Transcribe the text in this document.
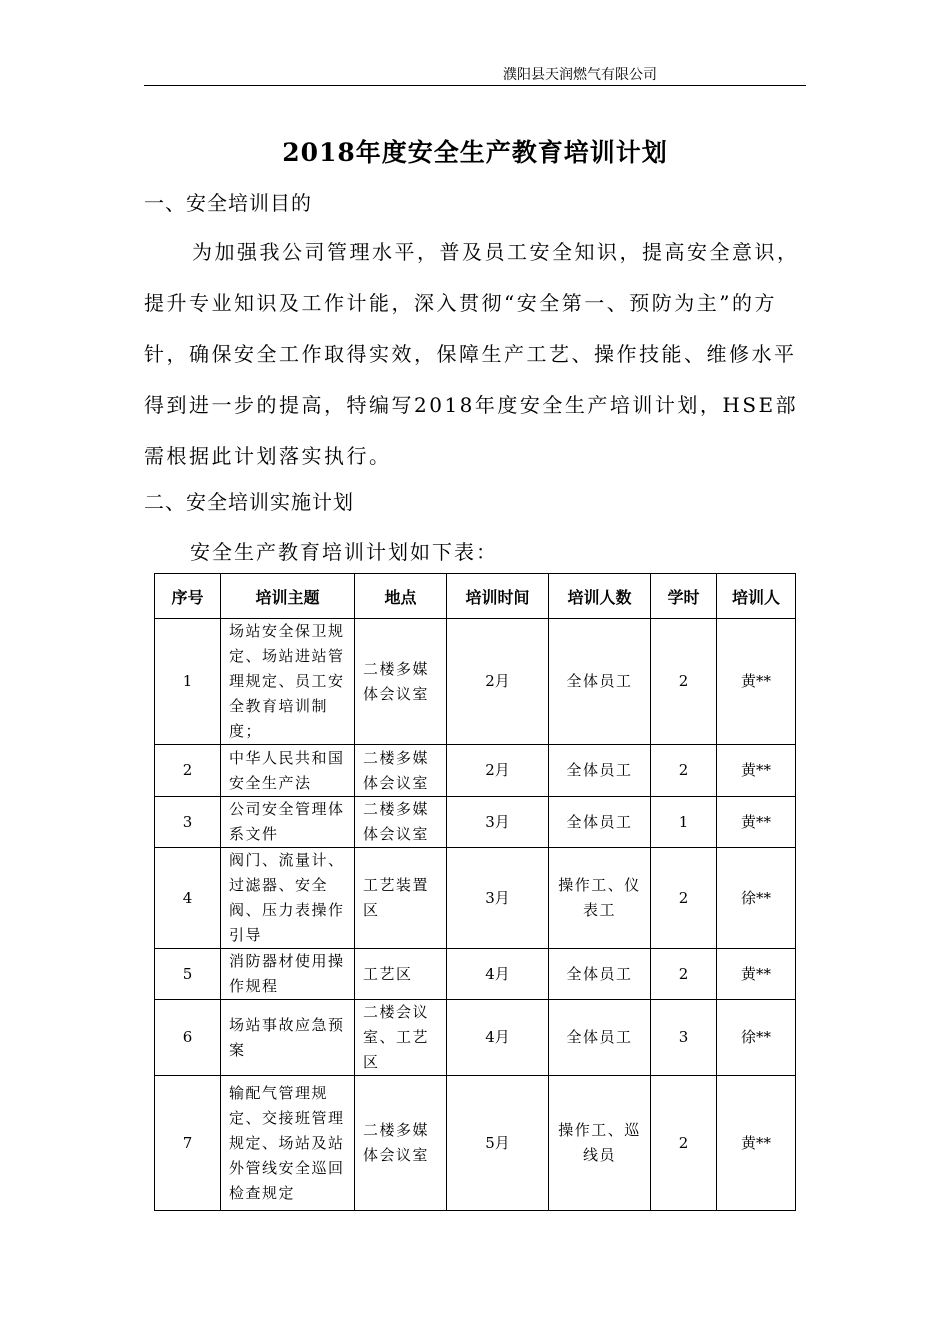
濮阳县天润燃气有限公司
2018年度安全生产教育培训计划
一、安全培训目的

为加强我公司管理水平，普及员工安全知识，提高安全意识，提升专业知识及工作计能，深入贯彻“安全第一、预防为主”的方针，确保安全工作取得实效，保障生产工艺、操作技能、维修水平得到进一步的提高，特编写2018年度安全生产培训计划，HSE部需根据此计划落实执行。

二、安全培训实施计划
安全生产教育培训计划如下表：
序号	培训主题	地点	培训时间	培训人数	学时	培训人
1	场站安全保卫规定、场站进站管理规定、员工安全教育培训制度；	二楼多媒体会议室	2月	全体员工	2	黄**
2	中华人民共和国安全生产法	二楼多媒体会议室	2月	全体员工	2	黄**
3	公司安全管理体系文件	二楼多媒体会议室	3月	全体员工	1	黄**
4	阀门、流量计、过滤器、安全阀、压力表操作引导	工艺装置区	3月	操作工、仪表工	2	徐**
5	消防器材使用操作规程	工艺区	4月	全体员工	2	黄**
6	场站事故应急预案	二楼会议室、工艺区	4月	全体员工	3	徐**
7	输配气管理规定、交接班管理规定、场站及站外管线安全巡回检查规定	二楼多媒体会议室	5月	操作工、巡线员	2	黄**
